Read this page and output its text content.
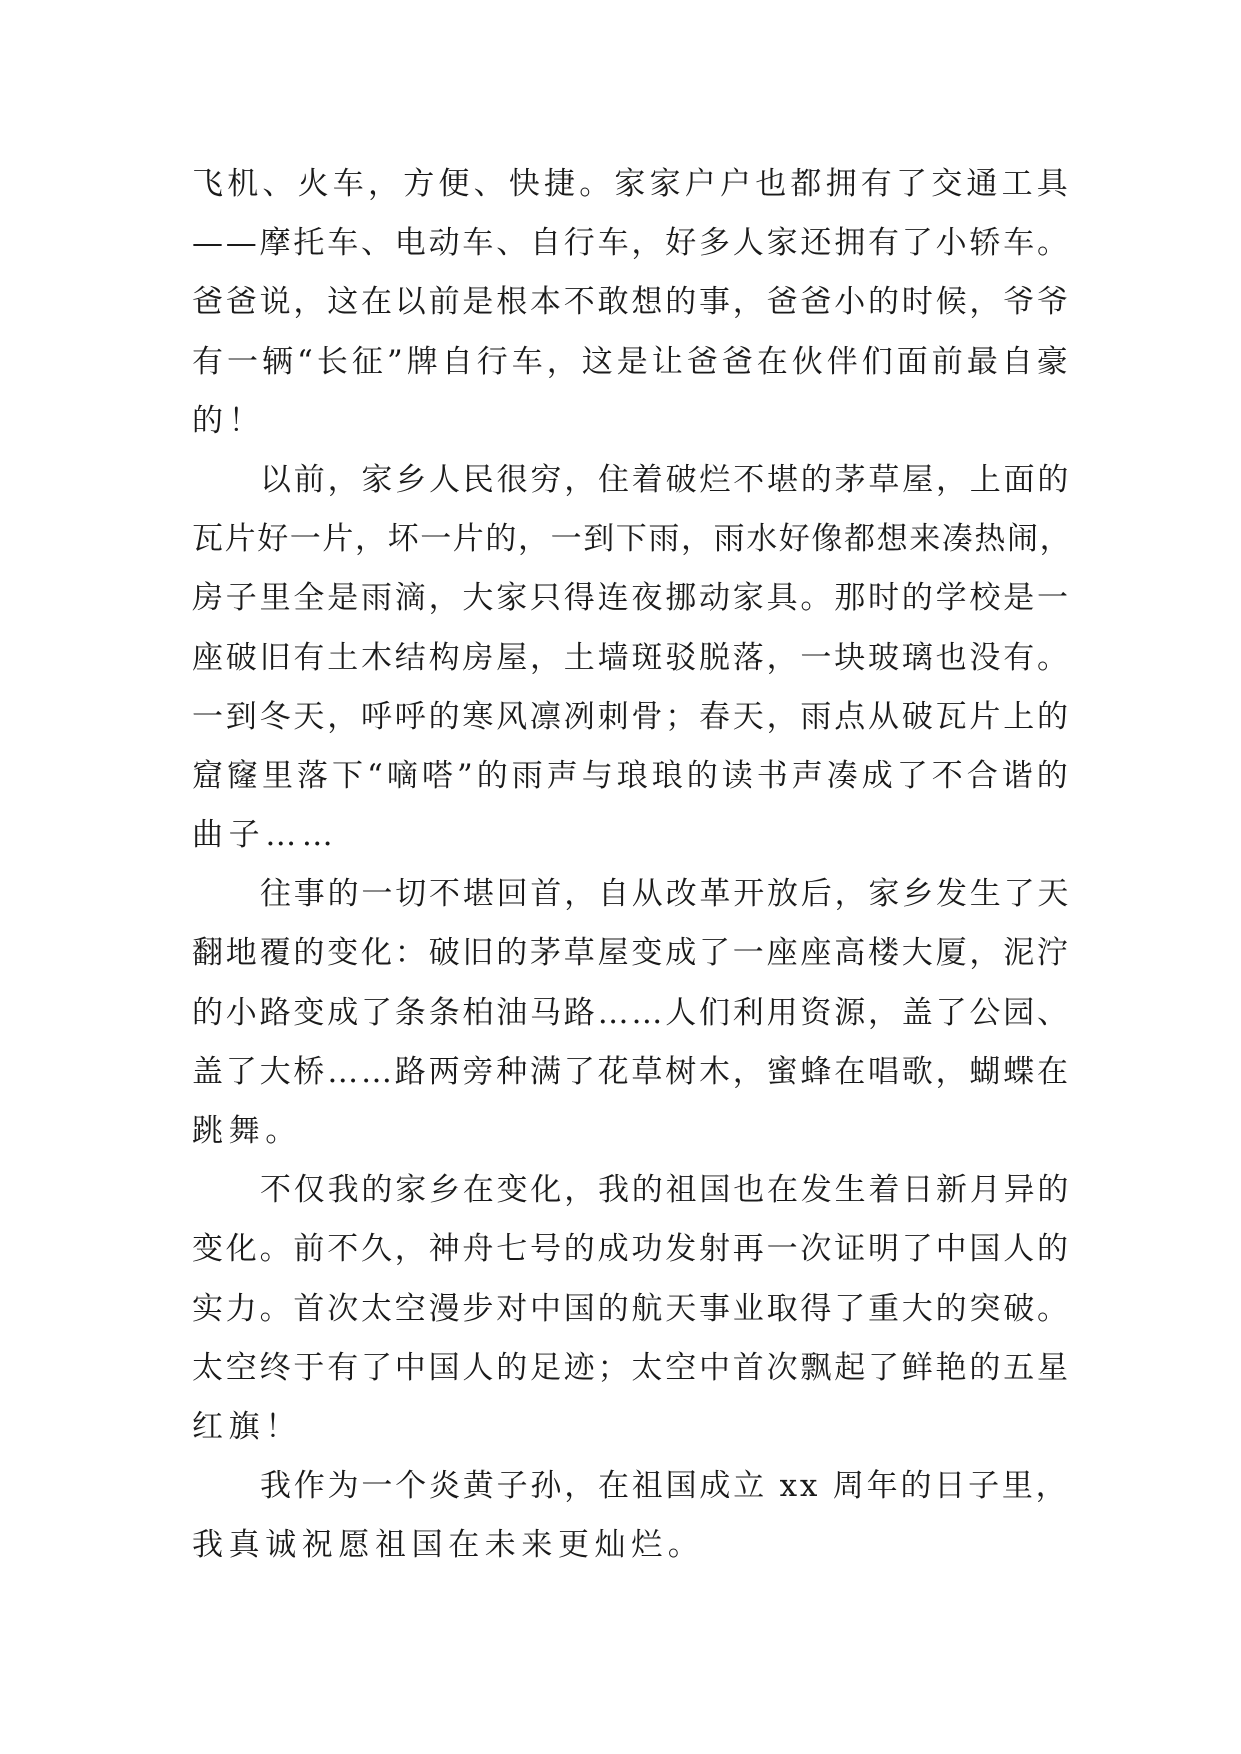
飞机、火车，方便、快捷。家家户户也都拥有了交通工具
——摩托车、电动车、自行车，好多人家还拥有了小轿车。
爸爸说，这在以前是根本不敢想的事，爸爸小的时候，爷爷
有一辆“长征”牌自行车，这是让爸爸在伙伴们面前最自豪
的！
以前，家乡人民很穷，住着破烂不堪的茅草屋，上面的
瓦片好一片，坏一片的，一到下雨，雨水好像都想来凑热闹，
房子里全是雨滴，大家只得连夜挪动家具。那时的学校是一
座破旧有土木结构房屋，土墙斑驳脱落，一块玻璃也没有。
一到冬天，呼呼的寒风凛冽刺骨；春天，雨点从破瓦片上的
窟窿里落下“嘀嗒”的雨声与琅琅的读书声凑成了不合谐的
曲子……
往事的一切不堪回首，自从改革开放后，家乡发生了天
翻地覆的变化：破旧的茅草屋变成了一座座高楼大厦，泥泞
的小路变成了条条柏油马路……人们利用资源，盖了公园、
盖了大桥……路两旁种满了花草树木，蜜蜂在唱歌，蝴蝶在
跳舞。
不仅我的家乡在变化，我的祖国也在发生着日新月异的
变化。前不久，神舟七号的成功发射再一次证明了中国人的
实力。首次太空漫步对中国的航天事业取得了重大的突破。
太空终于有了中国人的足迹；太空中首次飘起了鲜艳的五星
红旗！
我作为一个炎黄子孙，在祖国成立 xx 周年的日子里，
我真诚祝愿祖国在未来更灿烂。
